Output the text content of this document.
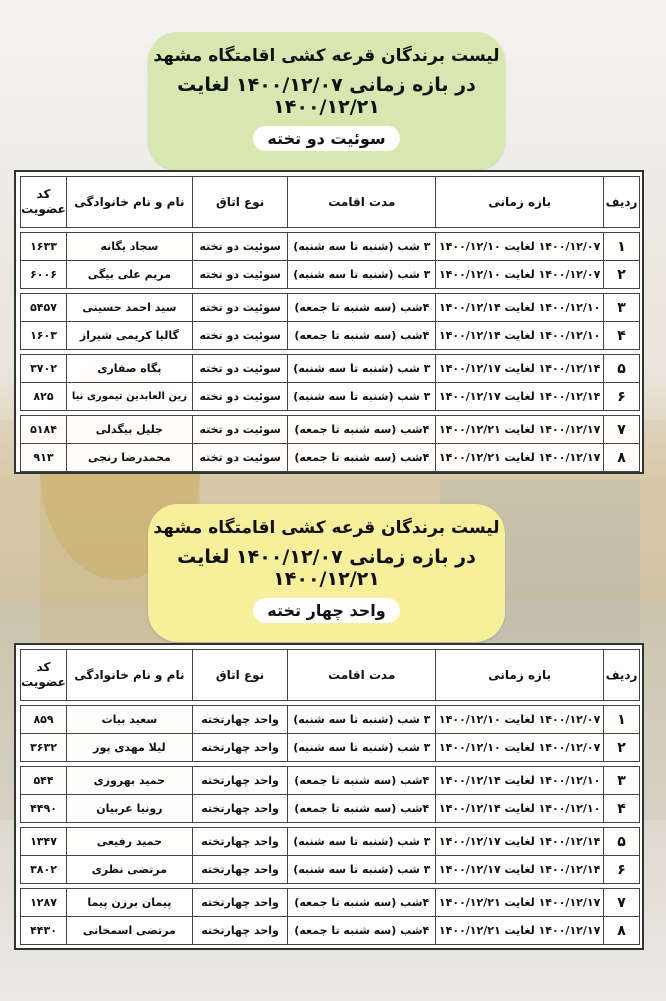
لیست برندگان قرعه کشی اقامتگاه مشهد
در بازه زمانی ۱۴۰۰/۱۲/۰۷ لغایت ۱۴۰۰/۱۲/۲۱
سوئیت دو تخته
ردیف	بازه زمانی	مدت اقامت	نوع اتاق	نام و نام خانوادگی	کد عضویت

۱	۱۴۰۰/۱۲/۰۷ لغایت ۱۴۰۰/۱۲/۱۰	۳ شب (شنبه تا سه شنبه)	سوئیت دو تخته	سجاد یگانه	۱۶۳۳
۲	۱۴۰۰/۱۲/۰۷ لغایت ۱۴۰۰/۱۲/۱۰	۳ شب (شنبه تا سه شنبه)	سوئیت دو تخته	مریم علی بیگی	۶۰۰۶

۳	۱۴۰۰/۱۲/۱۰ لغایت ۱۴۰۰/۱۲/۱۴	۴شب (سه شنبه تا جمعه)	سوئیت دو تخته	سید احمد حسینی	۵۴۵۷
۴	۱۴۰۰/۱۲/۱۰ لغایت ۱۴۰۰/۱۲/۱۴	۴شب (سه شنبه تا جمعه)	سوئیت دو تخته	گالیا کریمی شیراز	۱۶۰۳

۵	۱۴۰۰/۱۲/۱۴ لغایت ۱۴۰۰/۱۲/۱۷	۳ شب (شنبه تا سه شنبه)	سوئیت دو تخته	پگاه صفاری	۳۷۰۲
۶	۱۴۰۰/۱۲/۱۴ لغایت ۱۴۰۰/۱۲/۱۷	۳ شب (شنبه تا سه شنبه)	سوئیت دو تخته	زین العابدین تیموری نیا	۸۲۵

۷	۱۴۰۰/۱۲/۱۷ لغایت ۱۴۰۰/۱۲/۲۱	۴شب (سه شنبه تا جمعه)	سوئیت دو تخته	جلیل بیگدلی	۵۱۸۴
۸	۱۴۰۰/۱۲/۱۷ لغایت ۱۴۰۰/۱۲/۲۱	۴شب (سه شنبه تا جمعه)	سوئیت دو تخته	محمدرضا رنجی	۹۱۳
لیست برندگان قرعه کشی اقامتگاه مشهد
در بازه زمانی ۱۴۰۰/۱۲/۰۷ لغایت ۱۴۰۰/۱۲/۲۱
واحد چهار تخته
ردیف	بازه زمانی	مدت اقامت	نوع اتاق	نام و نام خانوادگی	کد عضویت

۱	۱۴۰۰/۱۲/۰۷ لغایت ۱۴۰۰/۱۲/۱۰	۳ شب (شنبه تا سه شنبه)	واحد چهارتخته	سعید بیات	۸۵۹
۲	۱۴۰۰/۱۲/۰۷ لغایت ۱۴۰۰/۱۲/۱۰	۳ شب (شنبه تا سه شنبه)	واحد چهارتخته	لیلا مهدی پور	۳۶۳۲

۳	۱۴۰۰/۱۲/۱۰ لغایت ۱۴۰۰/۱۲/۱۴	۴شب (سه شنبه تا جمعه)	واحد چهارتخته	حمید بهروزی	۵۴۴
۴	۱۴۰۰/۱۲/۱۰ لغایت ۱۴۰۰/۱۲/۱۴	۴شب (سه شنبه تا جمعه)	واحد چهارتخته	رونیا عربیان	۴۴۹۰

۵	۱۴۰۰/۱۲/۱۴ لغایت ۱۴۰۰/۱۲/۱۷	۳ شب (شنبه تا سه شنبه)	واحد چهارتخته	حمید رفیعی	۱۳۴۷
۶	۱۴۰۰/۱۲/۱۴ لغایت ۱۴۰۰/۱۲/۱۷	۳ شب (شنبه تا سه شنبه)	واحد چهارتخته	مرتضی نظری	۳۸۰۲

۷	۱۴۰۰/۱۲/۱۷ لغایت ۱۴۰۰/۱۲/۲۱	۴شب (سه شنبه تا جمعه)	واحد چهارتخته	پیمان برزن پیما	۱۲۸۷
۸	۱۴۰۰/۱۲/۱۷ لغایت ۱۴۰۰/۱۲/۲۱	۴شب (سه شنبه تا جمعه)	واحد چهارتخته	مرتضی اسمخانی	۴۴۳۰
